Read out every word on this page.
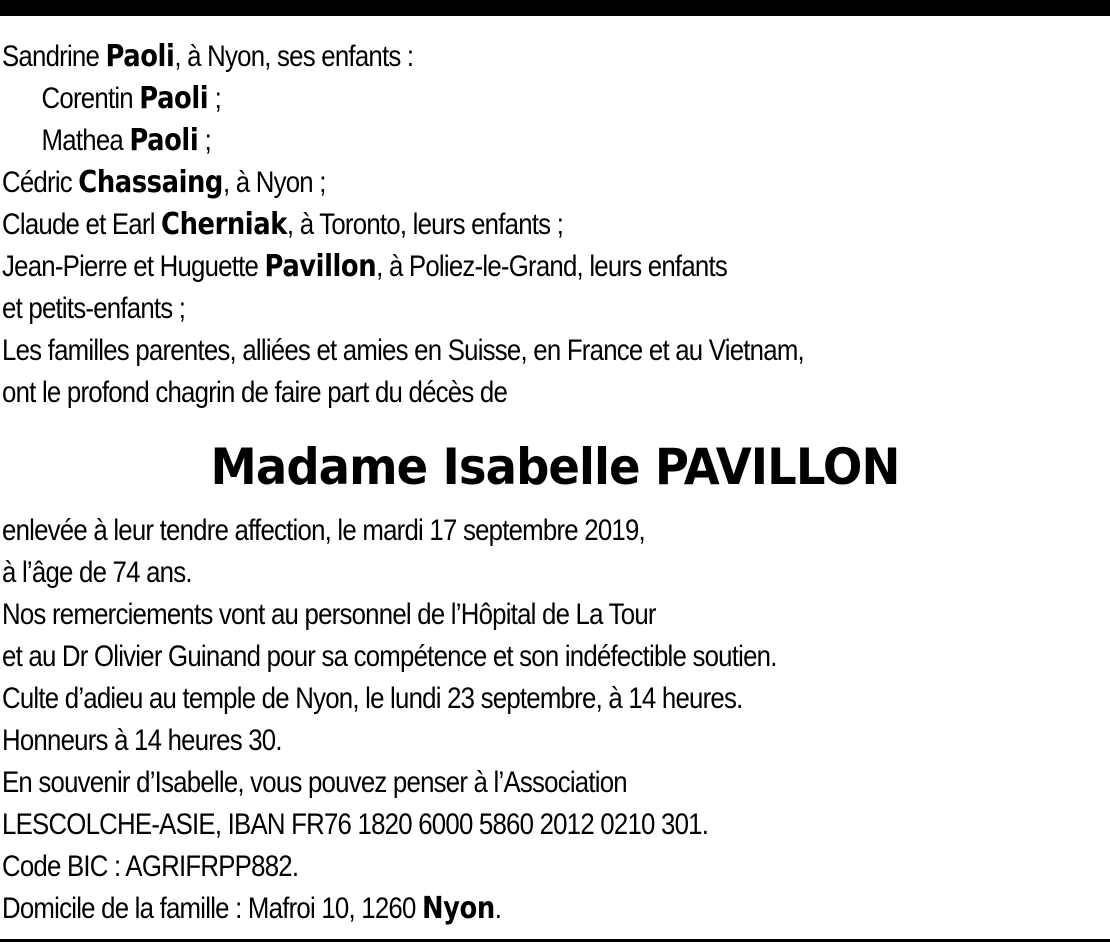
Sandrine Paoli, à Nyon, ses enfants :
Corentin Paoli ;
Mathea Paoli ;
Cédric Chassaing, à Nyon ;
Claude et Earl Cherniak, à Toronto, leurs enfants ;
Jean-Pierre et Huguette Pavillon, à Poliez-le-Grand, leurs enfants
et petits-enfants ;
Les familles parentes, alliées et amies en Suisse, en France et au Vietnam,
ont le profond chagrin de faire part du décès de
Madame Isabelle PAVILLON
enlevée à leur tendre affection, le mardi 17 septembre 2019,
à l’âge de 74 ans.
Nos remerciements vont au personnel de l’Hôpital de La Tour
et au Dr Olivier Guinand pour sa compétence et son indéfectible soutien.
Culte d’adieu au temple de Nyon, le lundi 23 septembre, à 14 heures.
Honneurs à 14 heures 30.
En souvenir d’Isabelle, vous pouvez penser à l’Association
LESCOLCHE-ASIE, IBAN FR76 1820 6000 5860 2012 0210 301.
Code BIC : AGRIFRPP882.
Domicile de la famille : Mafroi 10, 1260 Nyon.
